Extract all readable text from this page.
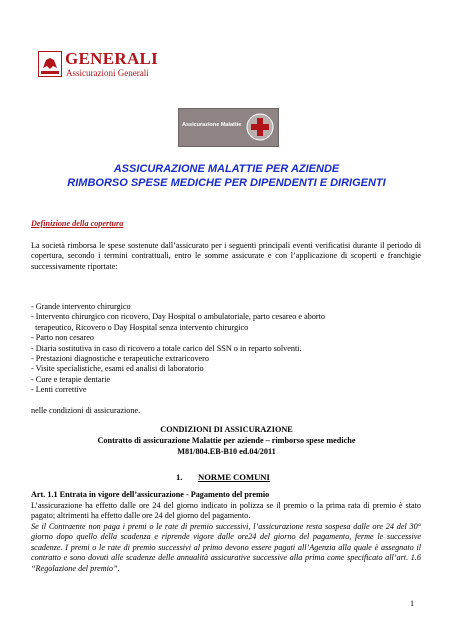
GENERALI
Assicurazioni Generali
Assicurazione Malattie
ASSICURAZIONE MALATTIE PER AZIENDE
RIMBORSO SPESE MEDICHE PER DIPENDENTI E DIRIGENTI
Definizione della copertura
La società rimborsa le spese sostenute dall’assicurato per i seguenti principali eventi verificatisi durante il periodo di copertura, secondo i termini contrattuali, entro le somme assicurate e con l’applicazione di scoperti e franchigie successivamente riportate:
- Grande intervento chirurgico
- Intervento chirurgico con ricovero, Day Hospital o ambulatoriale, parto cesareo e aborto
terapeutico, Ricovero o Day Hospital senza intervento chirurgico
- Parto non cesareo
- Diaria sostitutiva in caso di ricovero a totale carico del SSN o in reparto solventi.
- Prestazioni diagnostiche e terapeutiche extraricovero
- Visite specialistiche, esami ed analisi di laboratorio
- Cure e terapie dentarie
- Lenti correttive
nelle condizioni di assicurazione.
CONDIZIONI DI ASSICURAZIONE
Contratto di assicurazione Malattie per aziende – rimborso spese mediche
M81/804.EB-B10 ed.04/2011
1. NORME COMUNI
Art. 1.1 Entrata in vigore dell’assicurazione - Pagamento del premio
L’assicurazione ha effetto dalle ore 24 del giorno indicato in polizza se il premio o la prima rata di premio è stato pagato; altrimenti ha effetto dalle ore 24 del giorno del pagamento.
Se il Contraente non paga i premi o le rate di premio successivi, l’assicurazione resta sospesa dalle ore 24 del 30° giorno dopo quello della scadenza e riprende vigore dalle ore24 del giorno del pagamento, ferme le successive scadenze. I premi o le rate di premio successivi al primo devono essere pagati all’Agenzia alla quale è assegnato il contratto e sono dovuti alle scadenze delle annualità assicurative successive alla prima come specificato all’art. 1.6 “Regolazione del premio”.
1
